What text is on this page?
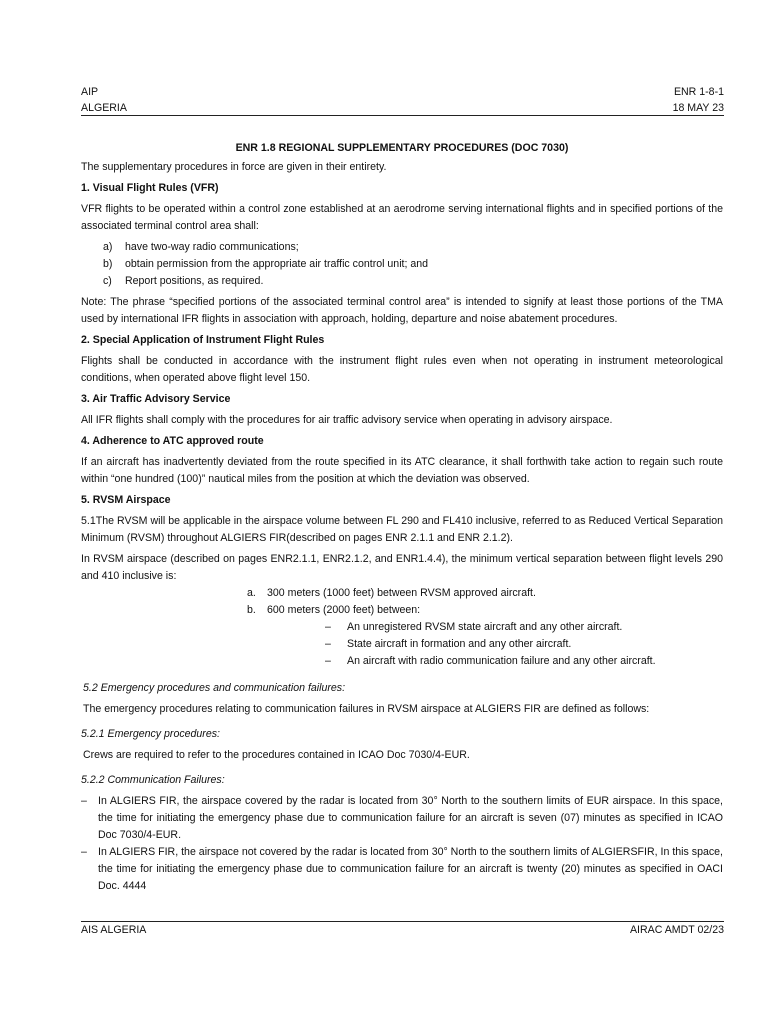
AIP
ALGERIA
ENR 1-8-1
18 MAY 23
ENR 1.8 REGIONAL SUPPLEMENTARY PROCEDURES (DOC 7030)

The supplementary procedures in force are given in their entirety.

1. Visual Flight Rules (VFR)

VFR flights to be operated within a control zone established at an aerodrome serving international flights and in specified portions of the associated terminal control area shall:

a) have two-way radio communications;
b) obtain permission from the appropriate air traffic control unit; and
c) Report positions, as required.

Note: The phrase “specified portions of the associated terminal control area” is intended to signify at least those portions of the TMA used by international IFR flights in association with approach, holding, departure and noise abatement procedures.

2. Special Application of Instrument Flight Rules

Flights shall be conducted in accordance with the instrument flight rules even when not operating in instrument meteorological conditions, when operated above flight level 150.

3. Air Traffic Advisory Service

All IFR flights shall comply with the procedures for air traffic advisory service when operating in advisory airspace.

4. Adherence to ATC approved route

If an aircraft has inadvertently deviated from the route specified in its ATC clearance, it shall forthwith take action to regain such route within “one hundred (100)” nautical miles from the position at which the deviation was observed.

5. RVSM Airspace

5.1The RVSM will be applicable in the airspace volume between FL 290 and FL410 inclusive, referred to as Reduced Vertical Separation Minimum (RVSM) throughout ALGIERS FIR(described on pages ENR 2.1.1 and ENR 2.1.2).

In RVSM airspace (described on pages ENR2.1.1, ENR2.1.2, and ENR1.4.4), the minimum vertical separation between flight levels 290 and 410 inclusive is:

a. 300 meters (1000 feet) between RVSM approved aircraft.
b. 600 meters (2000 feet) between:
– An unregistered RVSM state aircraft and any other aircraft.
– State aircraft in formation and any other aircraft.
– An aircraft with radio communication failure and any other aircraft.
5.2 Emergency procedures and communication failures:

The emergency procedures relating to communication failures in RVSM airspace at ALGIERS FIR are defined as follows:

5.2.1 Emergency procedures:

Crews are required to refer to the procedures contained in ICAO Doc 7030/4-EUR.

5.2.2 Communication Failures:
– In ALGIERS FIR, the airspace covered by the radar is located from 30° North to the southern limits of EUR airspace. In this space, the time for initiating the emergency phase due to communication failure for an aircraft is seven (07) minutes as specified in ICAO Doc 7030/4-EUR.
– In ALGIERS FIR, the airspace not covered by the radar is located from 30° North to the southern limits of ALGIERSFIR, In this space, the time for initiating the emergency phase due to communication failure for an aircraft is twenty (20) minutes as specified in OACI Doc. 4444
AIS ALGERIA	AIRAC AMDT 02/23
